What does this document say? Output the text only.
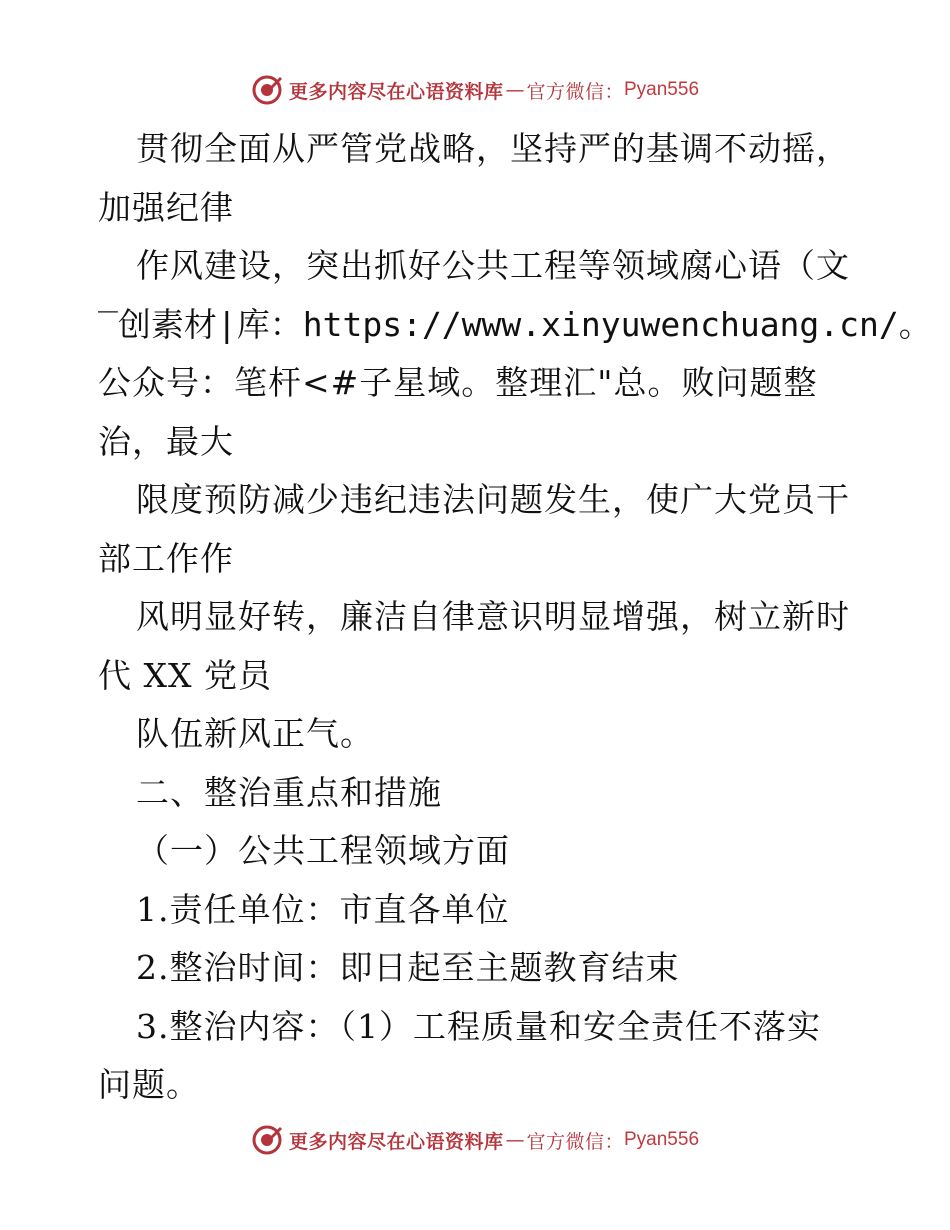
更多内容尽在心语资料库 — 官方微信： Pyan556
贯彻全面从严管党战略，坚持严的基调不动摇，
加强纪律
作风建设，突出抓好公共工程等领域腐心语（文
‾创素材|库：https://www.xinyuwenchuang.cn/。
公众号：笔杆<#子星域。整理汇"总。败问题整
治，最大
限度预防减少违纪违法问题发生，使广大党员干
部工作作
风明显好转，廉洁自律意识明显增强，树立新时
代 XX 党员
队伍新风正气。
二、整治重点和措施
（一）公共工程领域方面
1.责任单位：市直各单位
2.整治时间：即日起至主题教育结束
3.整治内容：（1）工程质量和安全责任不落实
问题。
更多内容尽在心语资料库 — 官方微信： Pyan556
